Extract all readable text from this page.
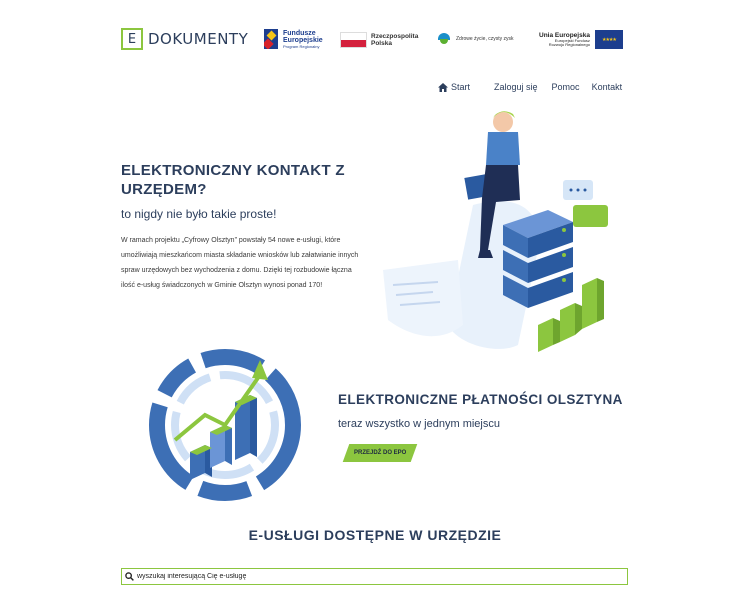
E DOKUMENTY	Fundusze
Europejskie
Program Regionalny
Rzeczpospolita Polska
Zdrowe życie, czysty zysk
Unia Europejska
Europejski Fundusz
Rozwoju Regionalnego
★★★★
Start	Zaloguj się Pomoc Kontakt
ELEKTRONICZNY KONTAKT Z URZĘDEM?
to nigdy nie było takie proste!

W ramach projektu „Cyfrowy Olsztyn” powstały 54 nowe e-usługi, które umożliwiają mieszkańcom miasta składanie wniosków lub załatwianie innych spraw urzędowych bez wychodzenia z domu. Dzięki tej rozbudowie łączna ilość e-usług świadczonych w Gminie Olsztyn wynosi ponad 170!

ELEKTRONICZNE PŁATNOŚCI OLSZTYNA
teraz wszystko w jednym miejscu
PRZEJDŹ DO EPO
E-USŁUGI DOSTĘPNE W URZĘDZIE
wyszukaj interesującą Cię e-usługę
